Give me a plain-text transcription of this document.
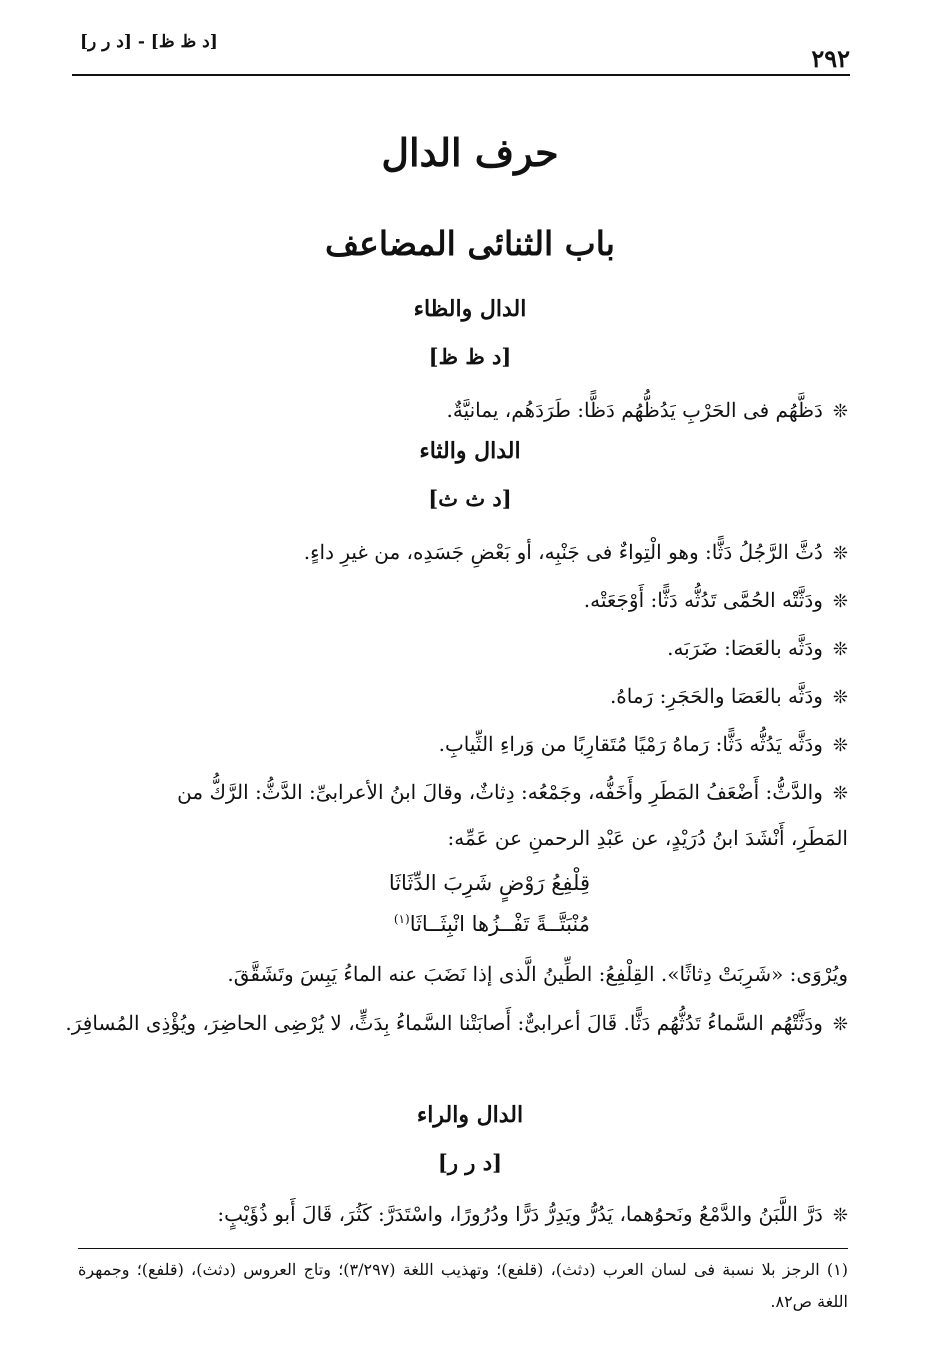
[د ظ ظ] - [د ر ر]
٢٩٢
حرف الدال
باب الثنائى المضاعف
الدال والظاء
[د ظ ظ]
❊دَظَّهُم فى الحَرْبِ يَدُظُّهُم دَظًّا: طَرَدَهُم، يمانيَّةٌ.
الدال والثاء
[د ث ث]
❊دُثَّ الرَّجُلُ دَثًّا: وهو الْتِواءٌ فى جَنْبِه، أو بَعْضِ جَسَدِه، من غيرِ داءٍ.
❊ودَثَّتْه الحُمَّى تَدُثُّه دَثًّا: أَوْجَعَتْه.
❊ودَثَّه بالعَصَا: ضَرَبَه.
❊ودَثَّه بالعَصَا والحَجَرِ: رَماهُ.
❊ودَثَّه يَدُثُّه دَثًّا: رَماهُ رَمْيًا مُتَقارِبًا من وَراءِ الثِّيابِ.
❊والدَّثُّ: أَضْعَفُ المَطَرِ وأَخَفُّه، وجَمْعُه: دِثاثٌ، وقالَ ابنُ الأعرابىِّ: الدَّثُّ: الرَّكُّ من
المَطَرِ، أَنْشَدَ ابنُ دُرَيْدٍ، عن عَبْدِ الرحمنِ عن عَمِّه:
قِلْفِعُ رَوْضٍ شَرِبَ الدِّثَاثَا
مُنْبَتَّــةً تَفْــزُها انْبِثَــاثَا$^{(١)}$
ويُرْوَى: «شَرِبَتْ دِثاثًا». القِلْفِعُ: الطِّينُ الَّذى إذا نَضَبَ عنه الماءُ يَبِسَ وتَشَقَّقَ.
❊ودَثَّتْهُم السَّماءُ تَدُثُّهُم دَثًّا. قَالَ أعرابىٌّ: أَصابَتْنا السَّماءُ بِدَثٍّ، لا يُرْضِى الحاضِرَ، ويُؤْذِى المُسافِرَ.
الدال والراء
[د ر ر]
❊دَرَّ اللَّبَنُ والدَّمْعُ ونَحوُهما، يَدُرُّ ويَدِرُّ دَرًّا ودُرُورًا، واسْتَدَرَّ: كَثُرَ، قَالَ أَبو ذُؤَيْبٍ:
(١) الرجز بلا نسبة فى لسان العرب (دثث)، (قلفع)؛ وتهذيب اللغة (٣/٢٩٧)؛ وتاج العروس (دثث)، (قلفع)؛ وجمهرة اللغة ص٨٢.
